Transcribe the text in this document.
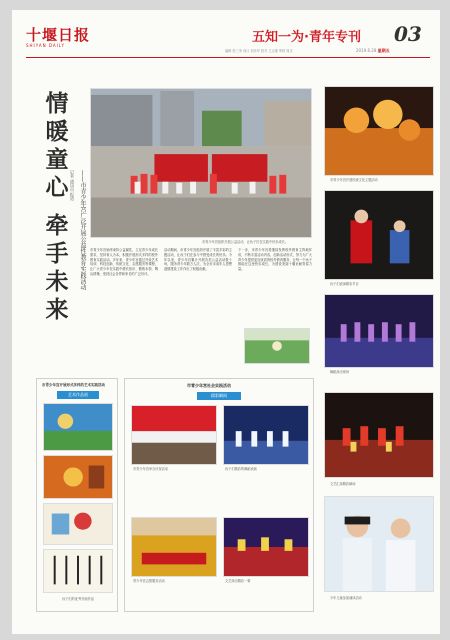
十堰日报
SHIYAN DAILY
五知一为·青年专刊 03
编辑 张三李 设计 刘乐华 校对 王志强 审核 周光	2019.6.28 星期五
情
暖
童
心
牵
手
未
来
记者 通讯员 报道 ——市青少年宫广泛开展公益性教育实践活动	市青少年宫组织开展公益活动，让孩子们在实践中快乐成长。
市青少年宫始终秉持公益属性，立足青少年成长需求，坚持育人为本，积极开展形式多样的校外教育实践活动。多年来，青少年宫通过开设艺术培训、科技创新、传统文化、志愿服务等课程，让广大青少年在实践中增长知识、锻炼本领、陶冶情操，受到社会各界和家长的广泛好评。
活动期间，市青少年宫组织开展了丰富多彩的主题活动，让孩子们在参与中感受成长的快乐。今年以来，青少年宫累计开展各类公益活动数十场，服务青少年数万人次，为全市未成年人思想道德建设工作作出了积极贡献。
下一步，市青少年宫将继续发挥校外教育主阵地作用，不断丰富活动内容，创新活动形式，努力为广大青少年提供更加优质的校外教育服务，让每一个孩子都能在这里快乐成长，为建设美丽十堰贡献青春力量。
市青少年宫开展传统文化主题活动
孩子们表演精彩节目
舞蹈演出现场
文艺汇演精彩瞬间
少年儿童参加诵读活动
市青少年宫开展形式多样的艺术实践活动
艺术作品展
孩子们的优秀书画作品
市青少年宫社会实践活动
精彩瞬间
市青少年宫举办庆祝活动	孩子们精彩的舞蹈表演
青少年宫志愿服务活动	文艺演出精彩一幕
